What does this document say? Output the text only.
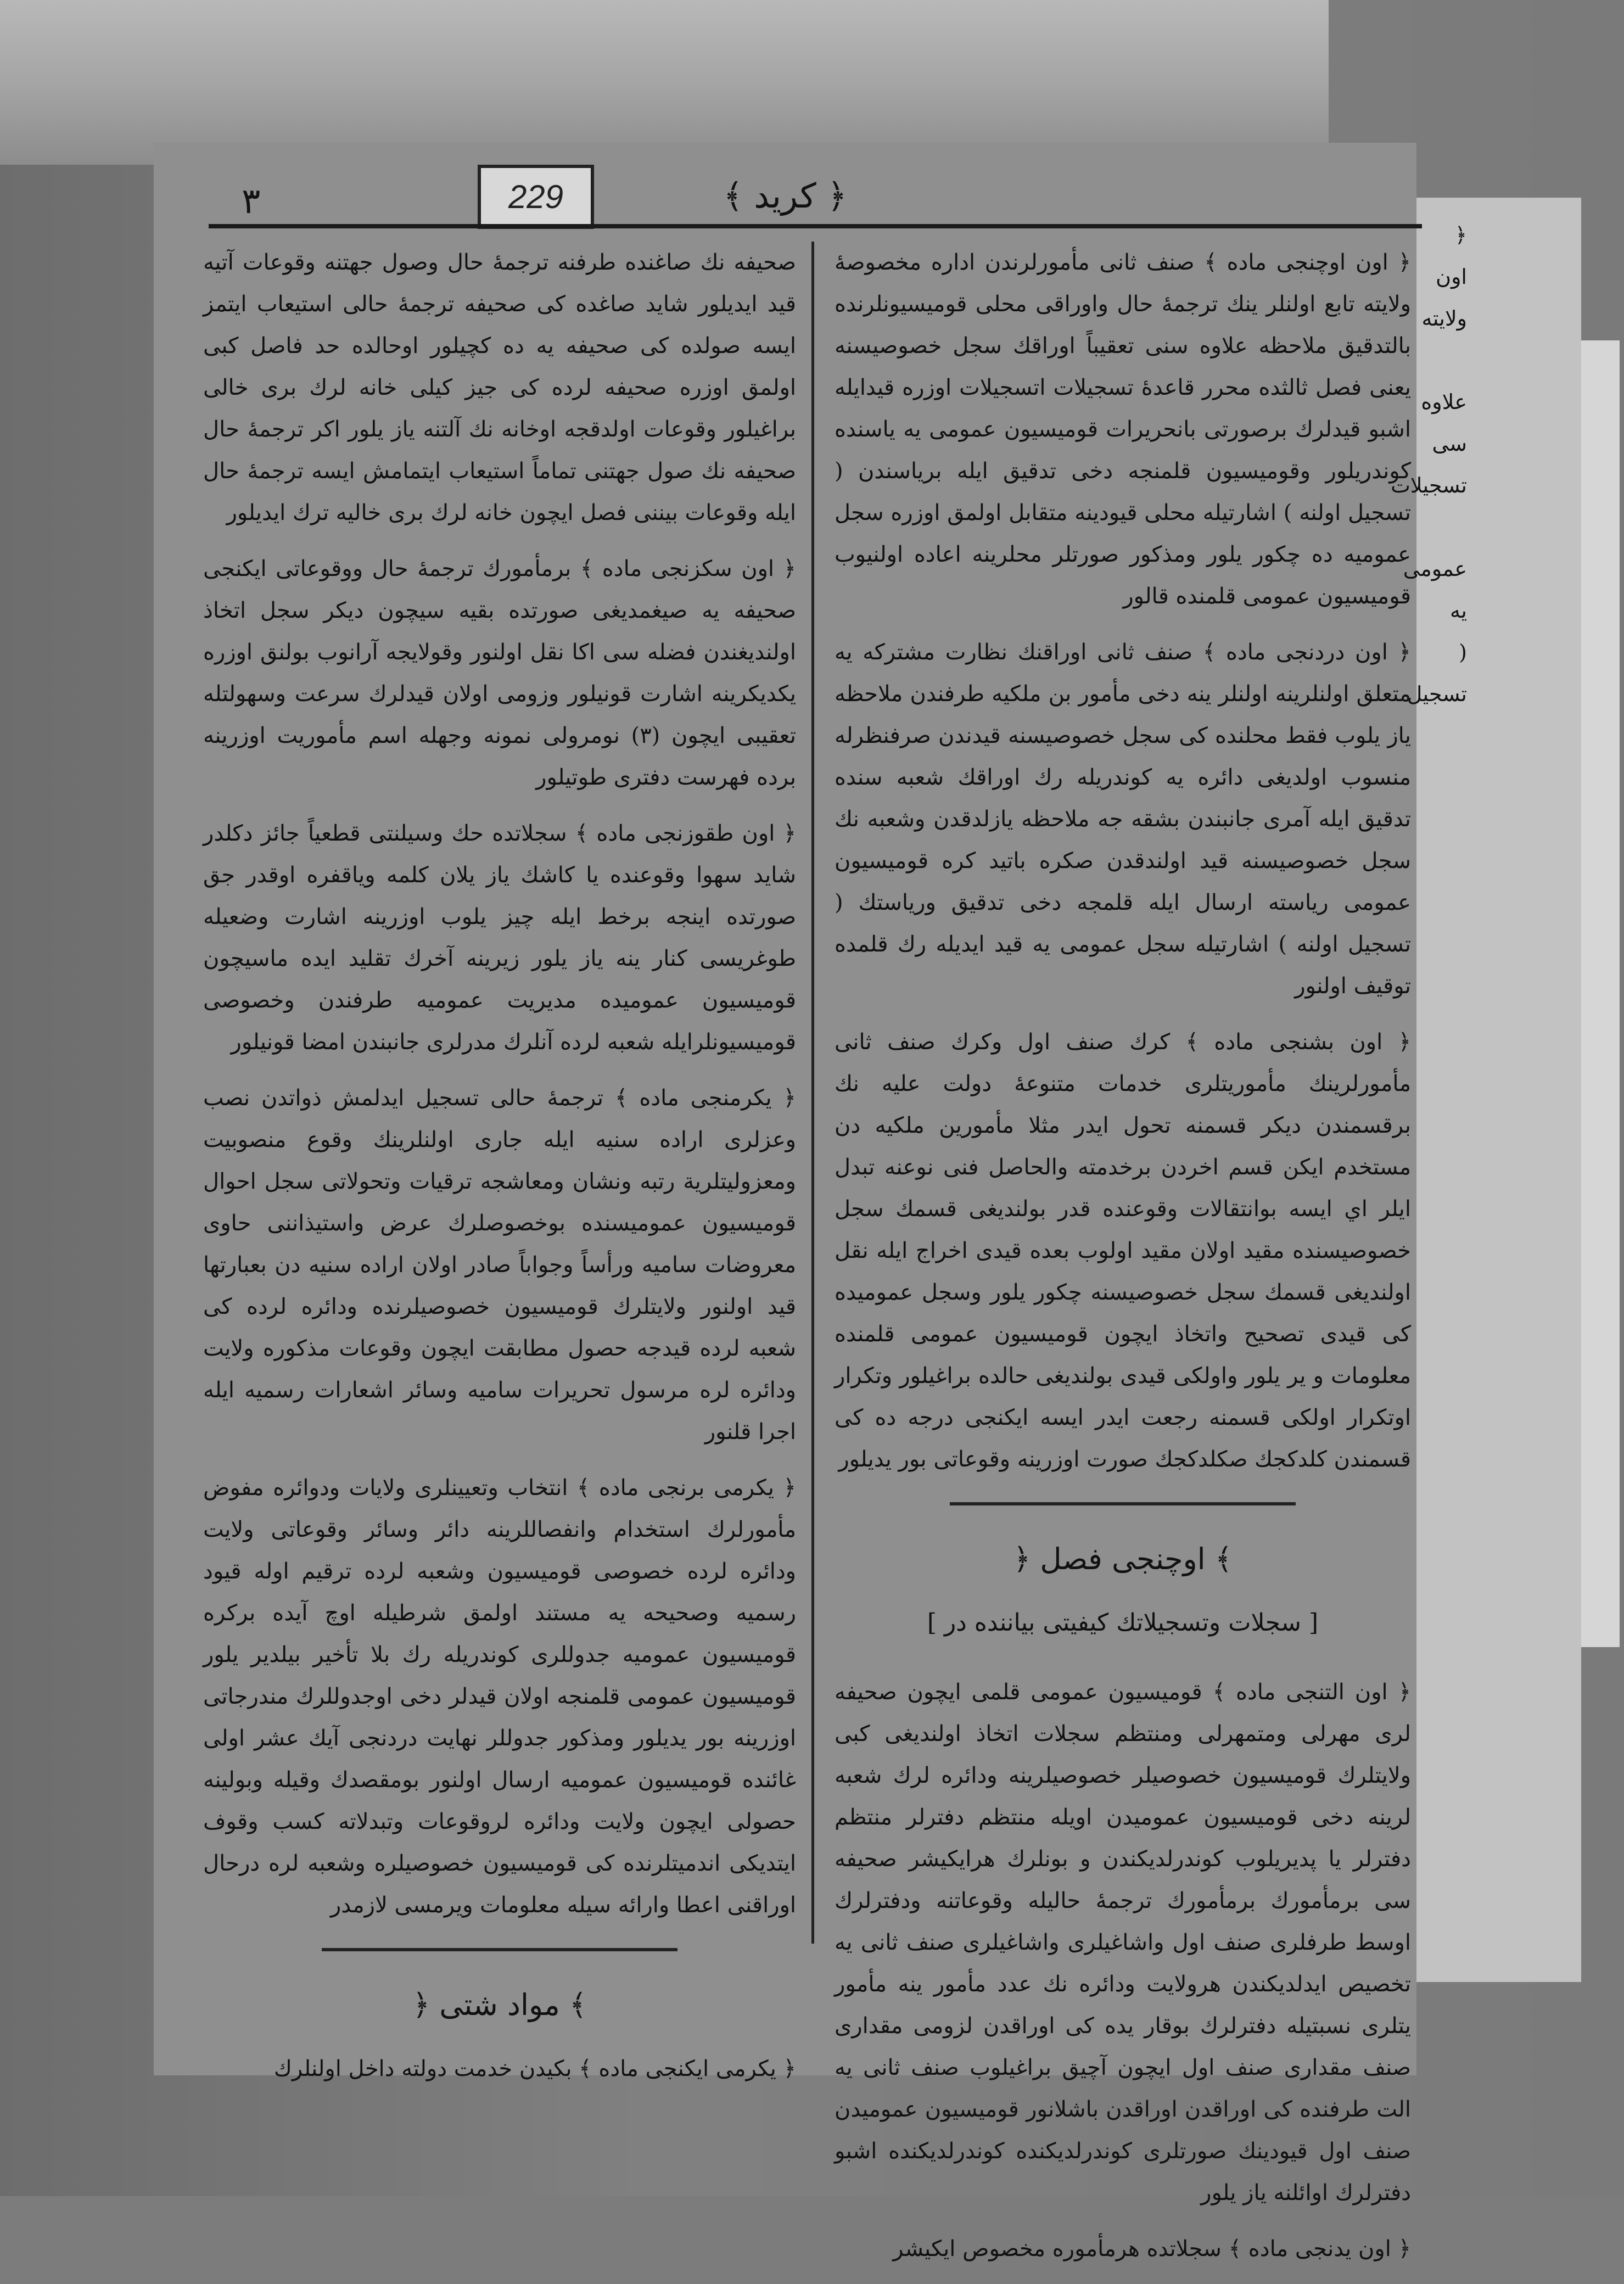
٣	229	﴾ كريد ﴿

﴿ اون اوچنجى ماده ﴾ صنف ثانى مأمورلرندن اداره مخصوصهٔ ولايته تابع اولنلر ينك ترجمهٔ حال واوراقى محلى قوميسيونلرنده بالتدقيق ملاحظه علاوه سنى تعقيباً اوراقك سجل خصوصيسنه يعنى فصل ثالثده محرر قاعدهٔ تسجيلات اتسجيلات اوزره قيدايله اشبو قيدلرك برصورتى بانحريرات قوميسيون عمومى يه ياسنده كوندريلور وقوميسيون قلمنجه دخى تدقيق ايله برياسندن ( تسجيل اولنه ) اشارتيله محلى قيودينه متقابل اولمق اوزره سجل عموميه ده چكور يلور ومذكور صورتلر محلرينه اعاده اولنيوب قوميسيون عمومى قلمنده قالور

﴿ اون دردنجى ماده ﴾ صنف ثانى اوراقنك نظارت مشتركه يه متعلق اولنلرينه اولنلر ينه دخى مأمور بن ملكيه طرفندن ملاحظه ياز يلوب فقط محلنده كى سجل خصوصيسنه قيدندن صرفنظرله منسوب اولديغى دائره يه كوندريله رك اوراقك شعبه سنده تدقيق ايله آمرى جانبندن بشقه جه ملاحظه يازلدقدن وشعبه نك سجل خصوصيسنه قيد اولندقدن صكره باتيد كره قوميسيون عمومى رياسته ارسال ايله قلمجه دخى تدقيق ورياستك ( تسجيل اولنه ) اشارتيله سجل عمومى يه قيد ايديله رك قلمده توقيف اولنور

﴿ اون بشنجى ماده ﴾ كرك صنف اول وكرك صنف ثانى مأمورلرينك مأموريتلرى خدمات متنوعهٔ دولت عليه نك برقسمندن ديكر قسمنه تحول ايدر مثلا مأمورين ملكيه دن مستخدم ايكن قسم اخردن برخدمته والحاصل فنى نوعنه تبدل ايلر اي ايسه بوانتقالات وقوعنده قدر بولنديغى قسمك سجل خصوصيسنده مقيد اولان مقيد اولوب بعده قيدى اخراج ايله نقل اولنديغى قسمك سجل خصوصيسنه چكور يلور وسجل عموميده كى قيدى تصحيح واتخاذ ايچون قوميسيون عمومى قلمنده معلومات و ير يلور واولكى قيدى بولنديغى حالده براغيلور وتكرار اوتكرار اولكى قسمنه رجعت ايدر ايسه ايكنجى درجه ده كى قسمندن كلدكجك صكلدكجك صورت اوزرينه وقوعاتى بور يديلور

﴾ اوچنجى فصل ﴿
[ سجلات وتسجيلاتك كيفيتى بياننده در ]

﴿ اون التنجى ماده ﴾ قوميسيون عمومى قلمى ايچون صحيفه لرى مهرلى ومتمهرلى ومنتظم سجلات اتخاذ اولنديغى كبى ولايتلرك قوميسيون خصوصيلر خصوصيلرينه ودائره لرك شعبه لرينه دخى قوميسيون عموميدن اويله منتظم دفترلر منتظم دفترلر يا پديريلوب كوندرلديكندن و بونلرك هرايكيشر صحيفه سى برمأمورك برمأمورك ترجمهٔ حاليله وقوعاتنه ودفترلرك اوسط طرفلرى صنف اول واشاغيلرى واشاغيلرى صنف ثانى يه تخصيص ايدلديكندن هرولايت ودائره نك عدد مأمور ينه مأمور يتلرى نسبتيله دفترلرك بوقار يده كى اوراقدن لزومى مقدارى صنف مقدارى صنف اول ايچون آچيق براغيلوب صنف ثانى يه الت طرفنده كى اوراقدن اوراقدن باشلانور قوميسيون عموميدن صنف اول قيودينك صورتلرى كوندرلديكنده كوندرلديكنده اشبو دفترلرك اوائلنه ياز يلور

﴿ اون يدنجى ماده ﴾ سجلاتده هرمأموره مخصوص ايكيشر

صحيفه نك صاغنده طرفنه ترجمهٔ حال وصول جهتنه وقوعات آتيه قيد ايديلور شايد صاغده كى صحيفه ترجمهٔ حالى استيعاب ايتمز ايسه صولده كى صحيفه يه ده كچيلور اوحالده حد فاصل كبى اولمق اوزره صحيفه لرده كى جيز كيلى خانه لرك برى خالى براغيلور وقوعات اولدقجه اوخانه نك آلتنه ياز يلور اكر ترجمهٔ حال صحيفه نك صول جهتنى تماماً استيعاب ايتمامش ايسه ترجمهٔ حال ايله وقوعات بيننى فصل ايچون خانه لرك برى خاليه ترك ايديلور

﴿ اون سكزنجى ماده ﴾ برمأمورك ترجمهٔ حال ووقوعاتى ايكنجى صحيفه يه صيغمدیغی صورتده بقيه سيچون ديكر سجل اتخاذ اولنديغندن فضله سى اكا نقل اولنور وقولايجه آرانوب بولنق اوزره يكديكرينه اشارت قونيلور وزومى اولان قيدلرك سرعت وسهولتله تعقيبى ايچون (٣) نومرولى نمونه وجهله اسم مأموريت اوزرينه برده فهرست دفترى طوتيلور

﴿ اون طقوزنجى ماده ﴾ سجلاتده حك وسيلنتى قطعياً جائز دكلدر شايد سهوا وقوعنده يا كاشك ياز يلان كلمه وياقفره اوقدر جق صورتده اينجه برخط ايله چيز يلوب اوزرينه اشارت وضعيله طوغريسى كنار ينه ياز يلور زيرينه آخرك تقليد ايده ماسيچون قوميسيون عموميده مديريت عموميه طرفندن وخصوصى قوميسيونلرايله شعبه لرده آنلرك مدرلرى جانبندن امضا قونيلور

﴿ يكرمنجى ماده ﴾ ترجمهٔ حالى تسجيل ايدلمش ذواتدن نصب وعزلرى اراده سنيه ايله جارى اولنلرينك وقوع منصوبيت ومعزوليتلرية رتبه ونشان ومعاشجه ترقيات وتحولاتى سجل احوال قوميسيون عموميسنده بوخصوصلرك عرض واستيذاننى حاوى معروضات ساميه ورأساً وجواباً صادر اولان اراده سنيه دن بعبارتها قيد اولنور ولايتلرك قوميسيون خصوصيلرنده ودائره لرده كى شعبه لرده قيدجه حصول مطابقت ايچون وقوعات مذكوره ولايت ودائره لره مرسول تحريرات ساميه وسائر اشعارات رسميه ايله اجرا قلنور

﴿ يكرمى برنجى ماده ﴾ انتخاب وتعيينلرى ولايات ودوائره مفوض مأمورلرك استخدام وانفصاللرينه دائر وسائر وقوعاتى ولايت ودائره لرده خصوصى قوميسيون وشعبه لرده ترقيم اوله قيود رسميه وصحيحه يه مستند اولمق شرطيله اوچ آيده بركره قوميسيون عموميه جدوللرى كوندريله رك بلا تأخير بيلدير يلور قوميسيون عمومى قلمنجه اولان قيدلر دخى اوجدوللرك مندرجاتى اوزرينه بور يديلور ومذكور جدوللر نهايت دردنجى آيك عشر اولى غائنده قوميسيون عموميه ارسال اولنور بومقصدك وقيله وبولينه حصولى ايچون ولايت ودائره لروقوعات وتبدلاته كسب وقوف ايتديكى اندميتلرنده كى قوميسيون خصوصيلره وشعبه لره درحال اوراقنى اعطا وارائه سيله معلومات ويرمسى لازمدر

﴾ مواد شتى ﴿

﴿ يكرمى ايكنجى ماده ﴾ بكيدن خدمت دولته داخل اولنلرك

﴿ اون
ولايته
علاوه سى
تسجيلات
عمومى يه
( تسجيل
